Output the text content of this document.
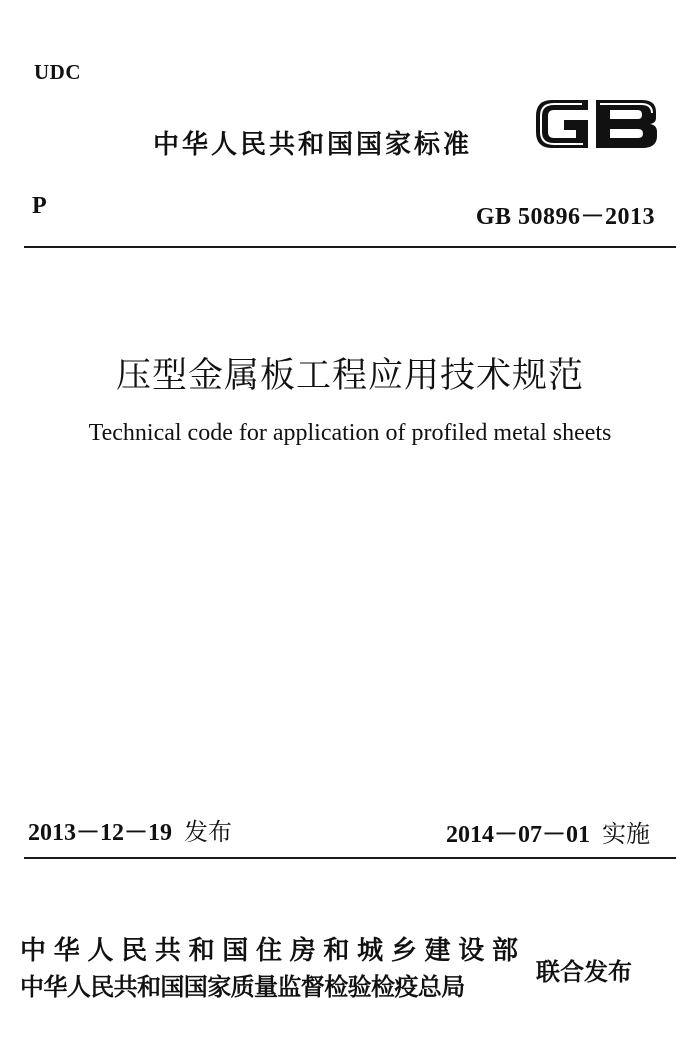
UDC
中华人民共和国国家标准
P	GB 50896－2013
压型金属板工程应用技术规范
Technical code for application of profiled metal sheets
2013－12－19 发布	2014－07－01 实施
中华人民共和国住房和城乡建设部
中华人民共和国国家质量监督检验检疫总局
联合发布
